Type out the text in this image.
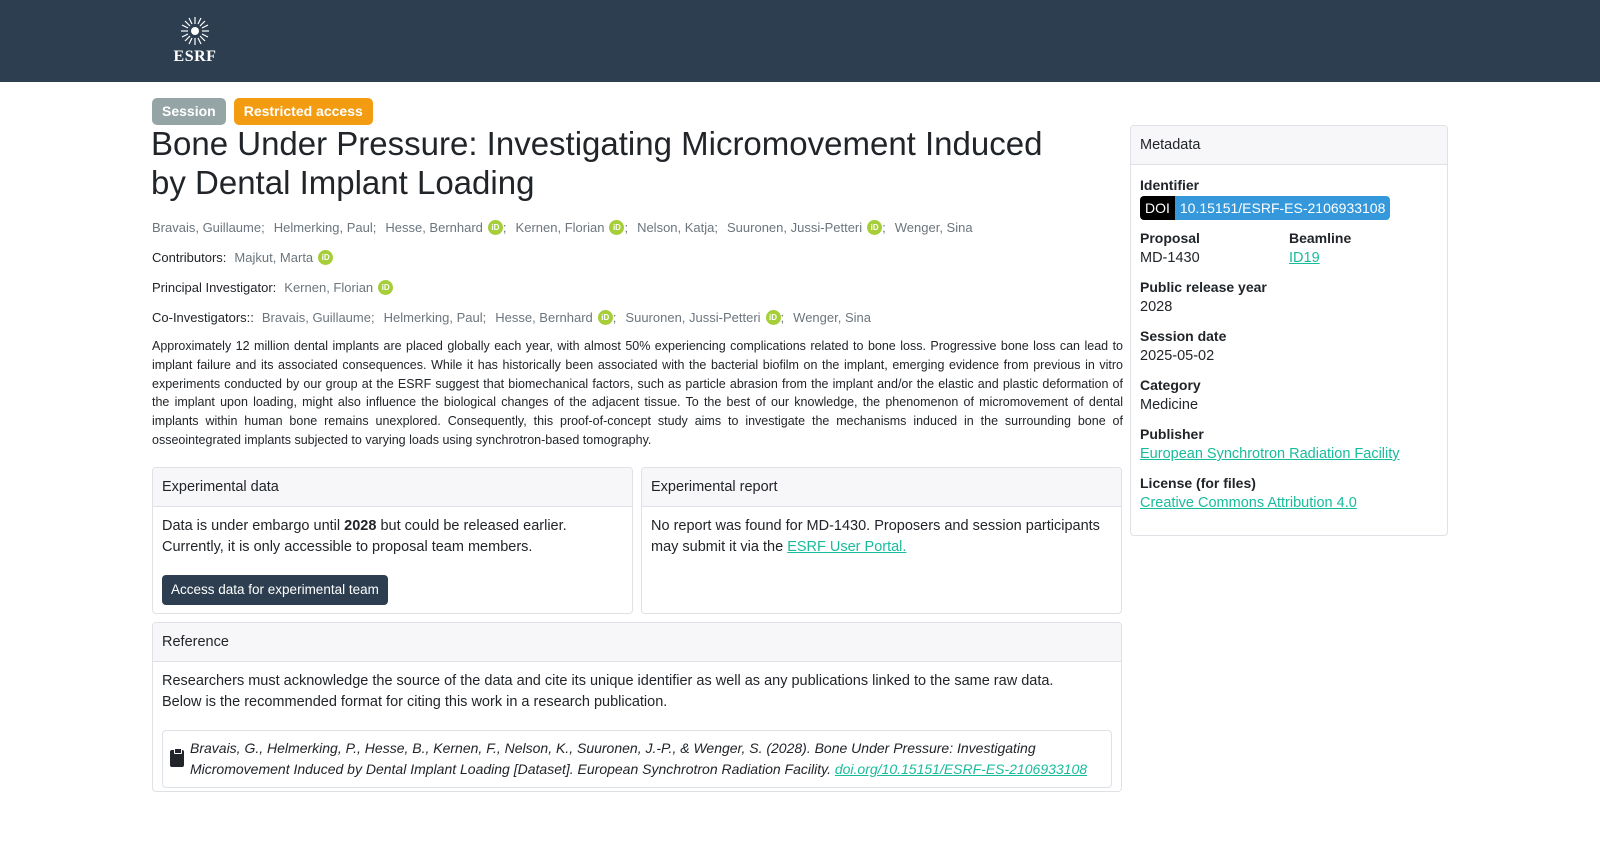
ESRF
Session	Restricted access
Bone Under Pressure: Investigating Micromovement Induced by Dental Implant Loading
Bravais, Guillaume ; Helmerking, Paul ; Hesse, Bernhard	iD ; Kernen, Florian	iD ; Nelson, Katja ; Suuronen, Jussi-Petteri	iD ; Wenger, Sina
Contributors: Majkut, Marta	iD
Principal Investigator: Kernen, Florian	iD
Co-Investigators:: Bravais, Guillaume ; Helmerking, Paul ; Hesse, Bernhard	iD ; Suuronen, Jussi-Petteri	iD ; Wenger, Sina

Approximately 12 million dental implants are placed globally each year, with almost 50% experiencing complications related to bone loss. Progressive bone loss can lead to implant failure and its associated consequences. While it has historically been associated with the bacterial biofilm on the implant, emerging evidence from previous in vitro experiments conducted by our group at the ESRF suggest that biomechanical factors, such as particle abrasion from the implant and/or the elastic and plastic deformation of the implant upon loading, might also influence the biological changes of the adjacent tissue. To the best of our knowledge, the phenomenon of micromovement of dental implants within human bone remains unexplored. Consequently, this proof-of-concept study aims to investigate the mechanisms induced in the surrounding bone of osseointegrated implants subjected to varying loads using synchrotron-based tomography.

Experimental data
Data is under embargo until 2028 but could be released earlier. Currently, it is only accessible to proposal team members.
Access data for experimental team
Experimental report
No report was found for MD-1430. Proposers and session participants may submit it via the ESRF User Portal.
Reference
Researchers must acknowledge the source of the data and cite its unique identifier as well as any publications linked to the same raw data.
Below is the recommended format for citing this work in a research publication.
Bravais, G., Helmerking, P., Hesse, B., Kernen, F., Nelson, K., Suuronen, J.-P., & Wenger, S. (2028). Bone Under Pressure: Investigating Micromovement Induced by Dental Implant Loading [Dataset]. European Synchrotron Radiation Facility. doi.org/10.15151/ESRF-ES-2106933108
Metadata
Identifier
DOI 10.15151/ESRF-ES-2106933108
Proposal
MD-1430
Beamline
ID19
Public release year
2028
Session date
2025-05-02
Category
Medicine
Publisher
European Synchrotron Radiation Facility
License (for files)
Creative Commons Attribution 4.0
